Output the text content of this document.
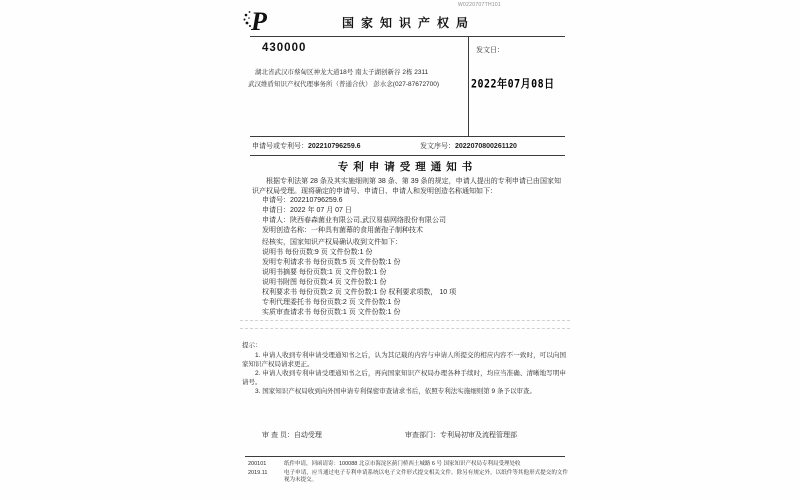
W0220707TH101
P	国家知识产权局
发文日：
2022年07月08日
430000
湖北省武汉市蔡甸区神龙大道18号 南太子湖创新谷 2栋 2311
武汉维盾知识产权代理事务所（普通合伙） 彭水念(027-87672700)
申请号或专利号：202210796259.6	发文序号：2022070800261120
专利申请受理通知书

根据专利法第 28 条及其实施细则第 38 条、第 39 条的规定，申请人提出的专利申请已由国家知识产权局受理。现将确定的申请号、申请日、申请人和发明创造名称通知如下：

申请号：202210796259.6
申请日：2022 年 07 月 07 日
申请人：陕西春森菌业有限公司,武汉易菇网络股份有限公司
发明创造名称：一种具有菌幕的食用菌孢子制种技术
经核实，国家知识产权局确认收到文件如下：
说明书 每份页数:9 页 文件份数:1 份
发明专利请求书 每份页数:5 页 文件份数:1 份
说明书摘要 每份页数:1 页 文件份数:1 份
说明书附图 每份页数:4 页 文件份数:1 份
权利要求书 每份页数:2 页 文件份数:1 份 权利要求项数， 10 项
专利代理委托书 每份页数:2 页 文件份数:1 份
实质审查请求书 每份页数:1 页 文件份数:1 份

提示：

1. 申请人收到专利申请受理通知书之后，认为其记载的内容与申请人所提交的相应内容不一致时，可以向国家知识产权局请求更正。

2. 申请人收到专利申请受理通知书之后，再向国家知识产权局办理各种手续时，均应当准确、清晰地写明申请号。

3. 国家知识产权局收到向外国申请专利保密审查请求书后，依照专利法实施细则第 9 条予以审查。

审 查 员：自动受理	审查部门：专利局初审及流程管理部
200101	纸件申请，回函请寄：100088 北京市海淀区蓟门桥西土城路 6 号 国家知识产权局专利局受理处收
2019.11	电子申请，应当通过电子专利申请系统以电子文件形式提交相关文件。除另有规定外，以纸件等其他形式提交的文件视为未提交。
